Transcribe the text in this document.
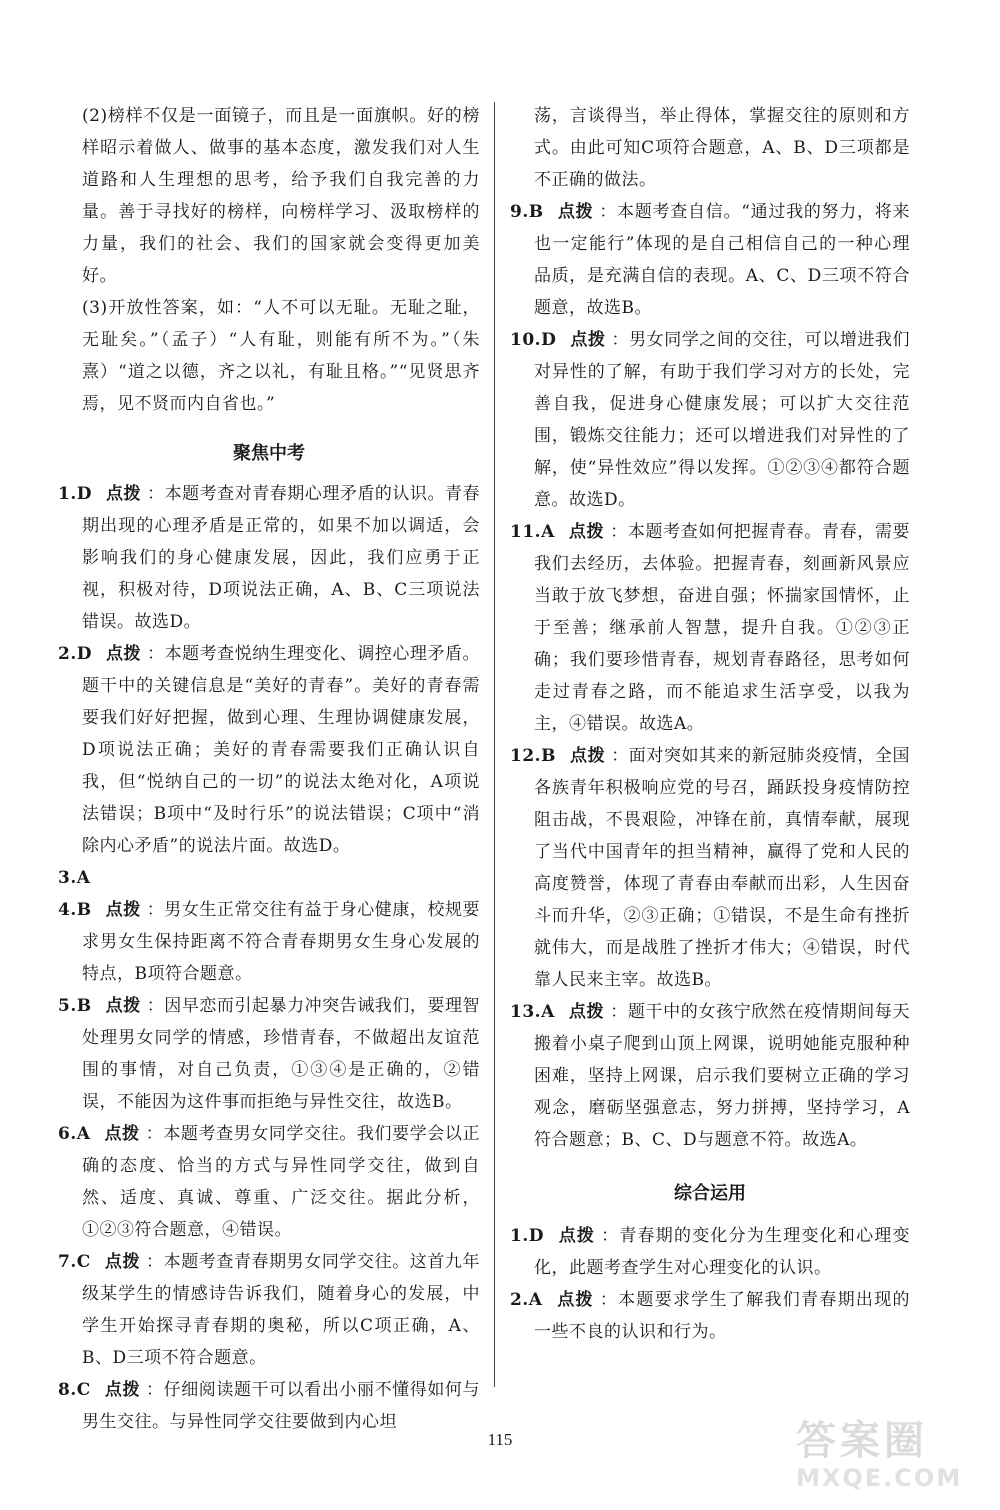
(2)榜样不仅是一面镜子，而且是一面旗帜。好的榜样昭示着做人、做事的基本态度，激发我们对人生道路和人生理想的思考，给予我们自我完善的力量。善于寻找好的榜样，向榜样学习、汲取榜样的力量，我们的社会、我们的国家就会变得更加美好。

(3)开放性答案，如：“人不可以无耻。无耻之耻，无耻矣。”（孟子）“人有耻，则能有所不为。”（朱熹）“道之以德，齐之以礼，有耻且格。”“见贤思齐焉，见不贤而内自省也。”

聚焦中考

1.D 点拨 ：本题考查对青春期心理矛盾的认识。青春期出现的心理矛盾是正常的，如果不加以调适，会影响我们的身心健康发展，因此，我们应勇于正视，积极对待，D项说法正确，A、B、C三项说法错误。故选D。

2.D 点拨 ：本题考查悦纳生理变化、调控心理矛盾。题干中的关键信息是“美好的青春”。美好的青春需要我们好好把握，做到心理、生理协调健康发展，D项说法正确；美好的青春需要我们正确认识自我，但“悦纳自己的一切”的说法太绝对化，A项说法错误；B项中“及时行乐”的说法错误；C项中“消除内心矛盾”的说法片面。故选D。

3.A

4.B 点拨 ：男女生正常交往有益于身心健康，校规要求男女生保持距离不符合青春期男女生身心发展的特点，B项符合题意。

5.B 点拨 ：因早恋而引起暴力冲突告诫我们，要理智处理男女同学的情感，珍惜青春，不做超出友谊范围的事情，对自己负责，①③④是正确的，②错误，不能因为这件事而拒绝与异性交往，故选B。

6.A 点拨 ：本题考查男女同学交往。我们要学会以正确的态度、恰当的方式与异性同学交往，做到自然、适度、真诚、尊重、广泛交往。据此分析，①②③符合题意，④错误。

7.C 点拨 ：本题考查青春期男女同学交往。这首九年级某学生的情感诗告诉我们，随着身心的发展，中学生开始探寻青春期的奥秘，所以C项正确，A、B、D三项不符合题意。

8.C 点拨 ：仔细阅读题干可以看出小丽不懂得如何与男生交往。与异性同学交往要做到内心坦

荡，言谈得当，举止得体，掌握交往的原则和方式。由此可知C项符合题意，A、B、D三项都是不正确的做法。

9.B 点拨 ：本题考查自信。“通过我的努力，将来也一定能行”体现的是自己相信自己的一种心理品质，是充满自信的表现。A、C、D三项不符合题意，故选B。

10.D 点拨 ：男女同学之间的交往，可以增进我们对异性的了解，有助于我们学习对方的长处，完善自我，促进身心健康发展；可以扩大交往范围，锻炼交往能力；还可以增进我们对异性的了解，使“异性效应”得以发挥。①②③④都符合题意。故选D。

11.A 点拨 ：本题考查如何把握青春。青春，需要我们去经历，去体验。把握青春，刻画新风景应当敢于放飞梦想，奋进自强；怀揣家国情怀，止于至善；继承前人智慧，提升自我。①②③正确；我们要珍惜青春，规划青春路径，思考如何走过青春之路，而不能追求生活享受，以我为主，④错误。故选A。

12.B 点拨 ：面对突如其来的新冠肺炎疫情，全国各族青年积极响应党的号召，踊跃投身疫情防控阻击战，不畏艰险，冲锋在前，真情奉献，展现了当代中国青年的担当精神，赢得了党和人民的高度赞誉，体现了青春由奉献而出彩，人生因奋斗而升华，②③正确；①错误，不是生命有挫折就伟大，而是战胜了挫折才伟大；④错误，时代靠人民来主宰。故选B。

13.A 点拨 ：题干中的女孩宁欣然在疫情期间每天搬着小桌子爬到山顶上网课，说明她能克服种种困难，坚持上网课，启示我们要树立正确的学习观念，磨砺坚强意志，努力拼搏，坚持学习，A符合题意；B、C、D与题意不符。故选A。

综合运用

1.D 点拨 ：青春期的变化分为生理变化和心理变化，此题考查学生对心理变化的认识。

2.A 点拨 ：本题要求学生了解我们青春期出现的一些不良的认识和行为。

115	答案圈
MXQE.COM
